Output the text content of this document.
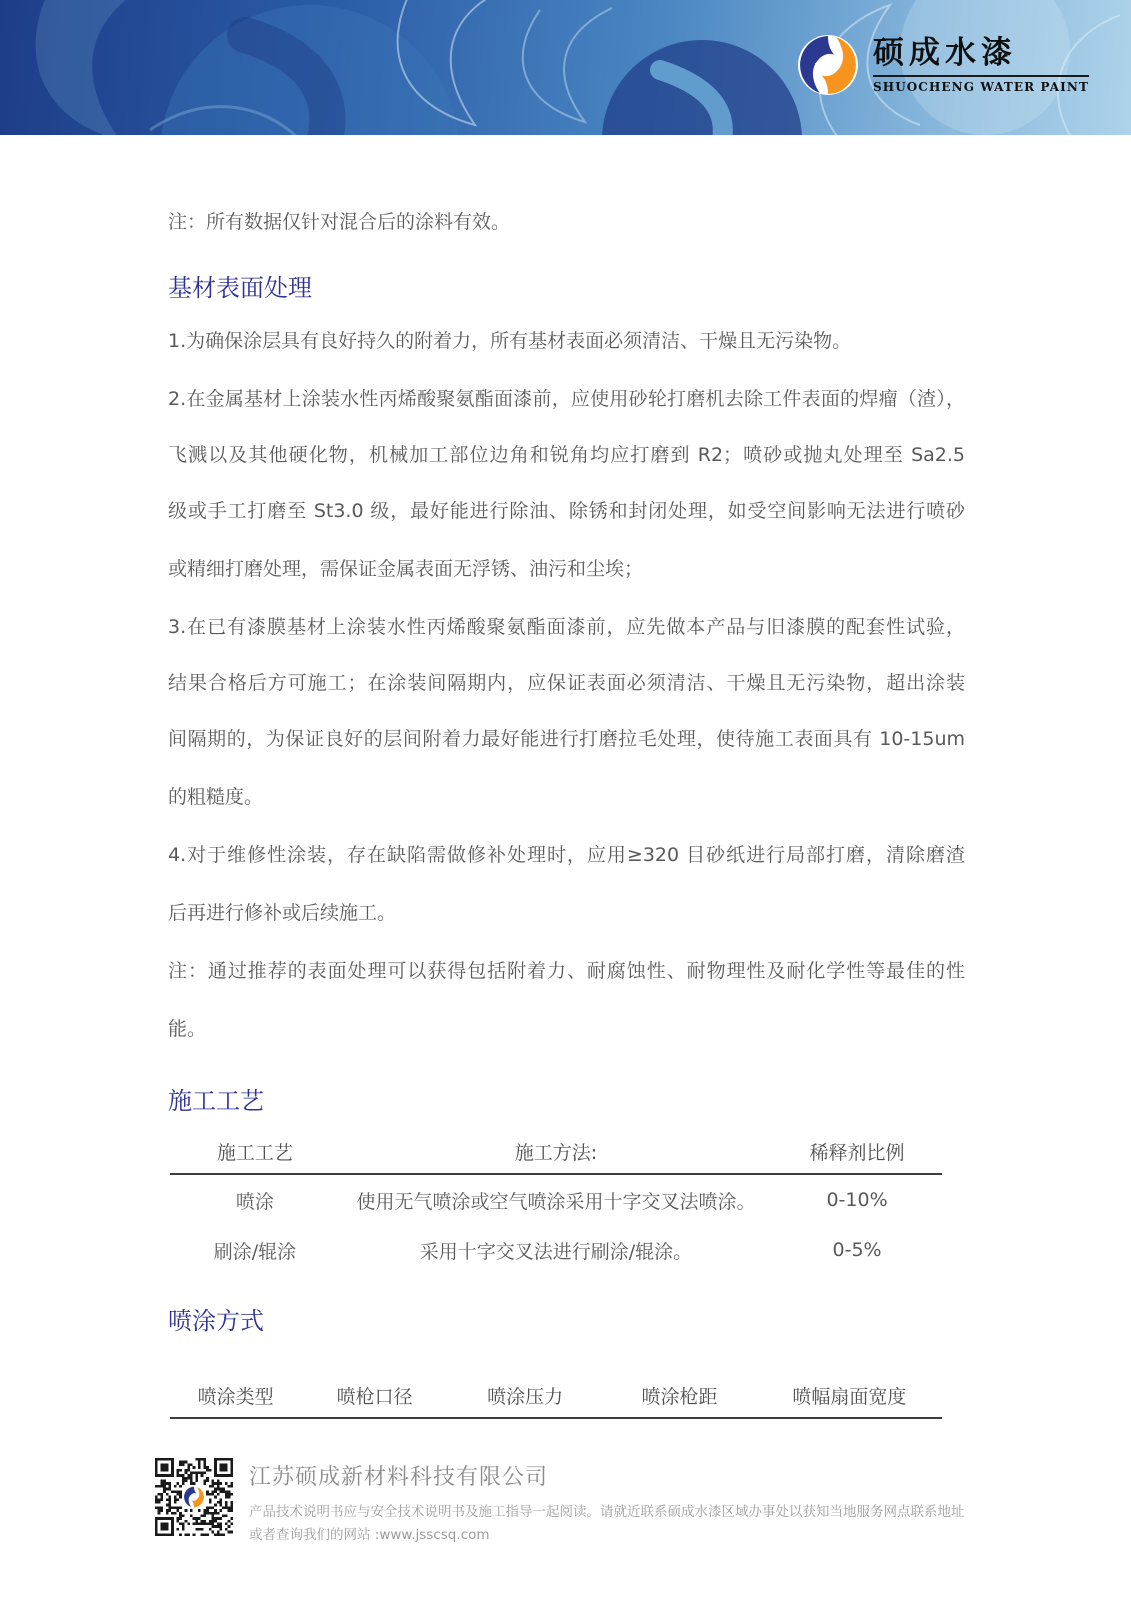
硕成水漆
SHUOCHENG WATER PAINT

注：所有数据仅针对混合后的涂料有效。

基材表面处理
1.为确保涂层具有良好持久的附着力，所有基材表面必须清洁、干燥且无污染物。
2.在金属基材上涂装水性丙烯酸聚氨酯面漆前，应使用砂轮打磨机去除工件表面的焊瘤（渣），
飞溅以及其他硬化物，机械加工部位边角和锐角均应打磨到 R2；喷砂或抛丸处理至 Sa2.5
级或手工打磨至 St3.0 级，最好能进行除油、除锈和封闭处理，如受空间影响无法进行喷砂
或精细打磨处理，需保证金属表面无浮锈、油污和尘埃；
3.在已有漆膜基材上涂装水性丙烯酸聚氨酯面漆前，应先做本产品与旧漆膜的配套性试验，
结果合格后方可施工；在涂装间隔期内，应保证表面必须清洁、干燥且无污染物，超出涂装
间隔期的，为保证良好的层间附着力最好能进行打磨拉毛处理，使待施工表面具有 10-15um
的粗糙度。
4.对于维修性涂装，存在缺陷需做修补处理时，应用≥320 目砂纸进行局部打磨，清除磨渣
后再进行修补或后续施工。
注：通过推荐的表面处理可以获得包括附着力、耐腐蚀性、耐物理性及耐化学性等最佳的性
能。
施工工艺
施工工艺	施工方法:	稀释剂比例
喷涂	使用无气喷涂或空气喷涂采用十字交叉法喷涂。	0-10%
刷涂/辊涂	采用十字交叉法进行刷涂/辊涂。	0-5%
喷涂方式
喷涂类型	喷枪口径	喷涂压力	喷涂枪距	喷幅扇面宽度
江苏硕成新材料科技有限公司
产品技术说明书应与安全技术说明书及施工指导一起阅读。请就近联系硕成水漆区域办事处以获知当地服务网点联系地址
或者查询我们的网站 :www.jsscsq.com
